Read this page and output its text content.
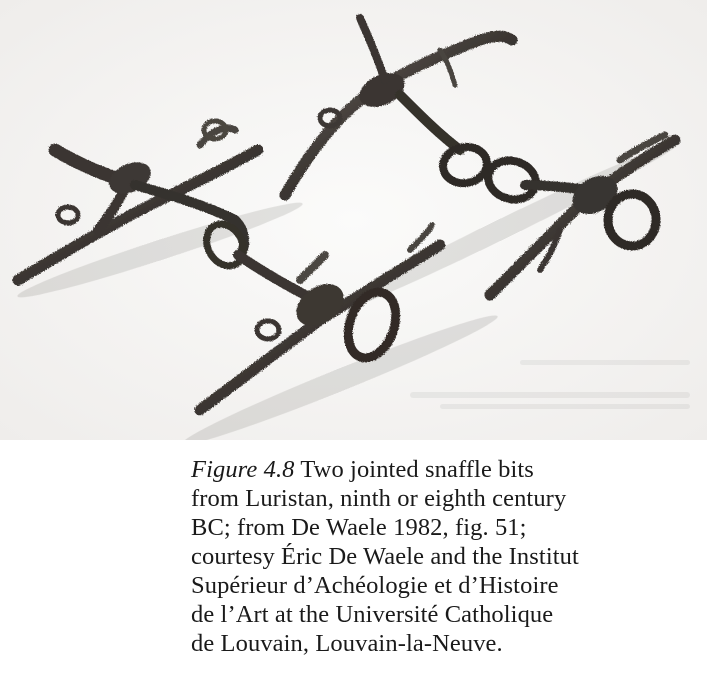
Figure 4.8 Two jointed snaffle bits
from Luristan, ninth or eighth century
BC; from De Waele 1982, fig. 51;
courtesy Éric De Waele and the Institut
Supérieur d’Achéologie et d’Histoire
de l’Art at the Université Catholique
de Louvain, Louvain-la-Neuve.
